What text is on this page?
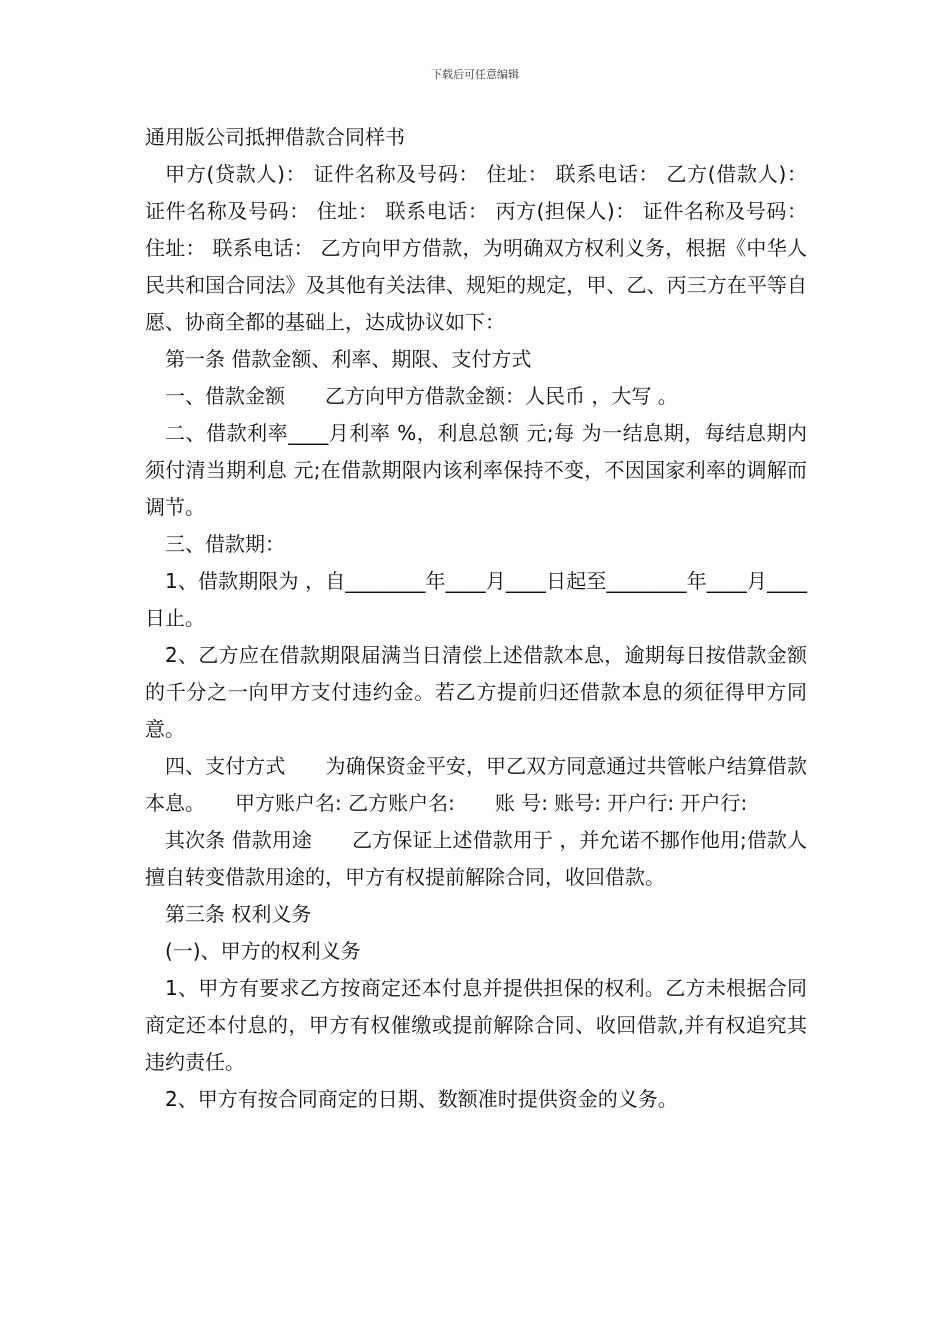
下载后可任意编辑

通用版公司抵押借款合同样书

甲方(贷款人)： 证件名称及号码： 住址： 联系电话： 乙方(借款人)： 证件名称及号码： 住址： 联系电话： 丙方(担保人)： 证件名称及号码： 住址： 联系电话： 乙方向甲方借款，为明确双方权利义务，根据《中华人民共和国合同法》及其他有关法律、规矩的规定，甲、乙、丙三方在平等自愿、协商全都的基础上，达成协议如下：

第一条 借款金额、利率、期限、支付方式

一、借款金额　　乙方向甲方借款金额：人民币 ，大写 。

二、借款利率____月利率 %，利息总额 元;每 为一结息期，每结息期内须付清当期利息 元;在借款期限内该利率保持不变，不因国家利率的调解而调节。

三、借款期：

1、借款期限为 ，自________年____月____日起至________年____月____日止。

2、乙方应在借款期限届满当日清偿上述借款本息，逾期每日按借款金额的千分之一向甲方支付违约金。若乙方提前归还借款本息的须征得甲方同意。

四、支付方式　　为确保资金平安，甲乙双方同意通过共管帐户结算借款本息。　　甲方账户名: 乙方账户名:　　账 号: 账号: 开户行: 开户行:

其次条 借款用途　　乙方保证上述借款用于 ，并允诺不挪作他用;借款人擅自转变借款用途的，甲方有权提前解除合同，收回借款。

第三条 权利义务

(一)、甲方的权利义务

1、甲方有要求乙方按商定还本付息并提供担保的权利。乙方未根据合同商定还本付息的，甲方有权催缴或提前解除合同、收回借款,并有权追究其违约责任。

2、甲方有按合同商定的日期、数额准时提供资金的义务。
